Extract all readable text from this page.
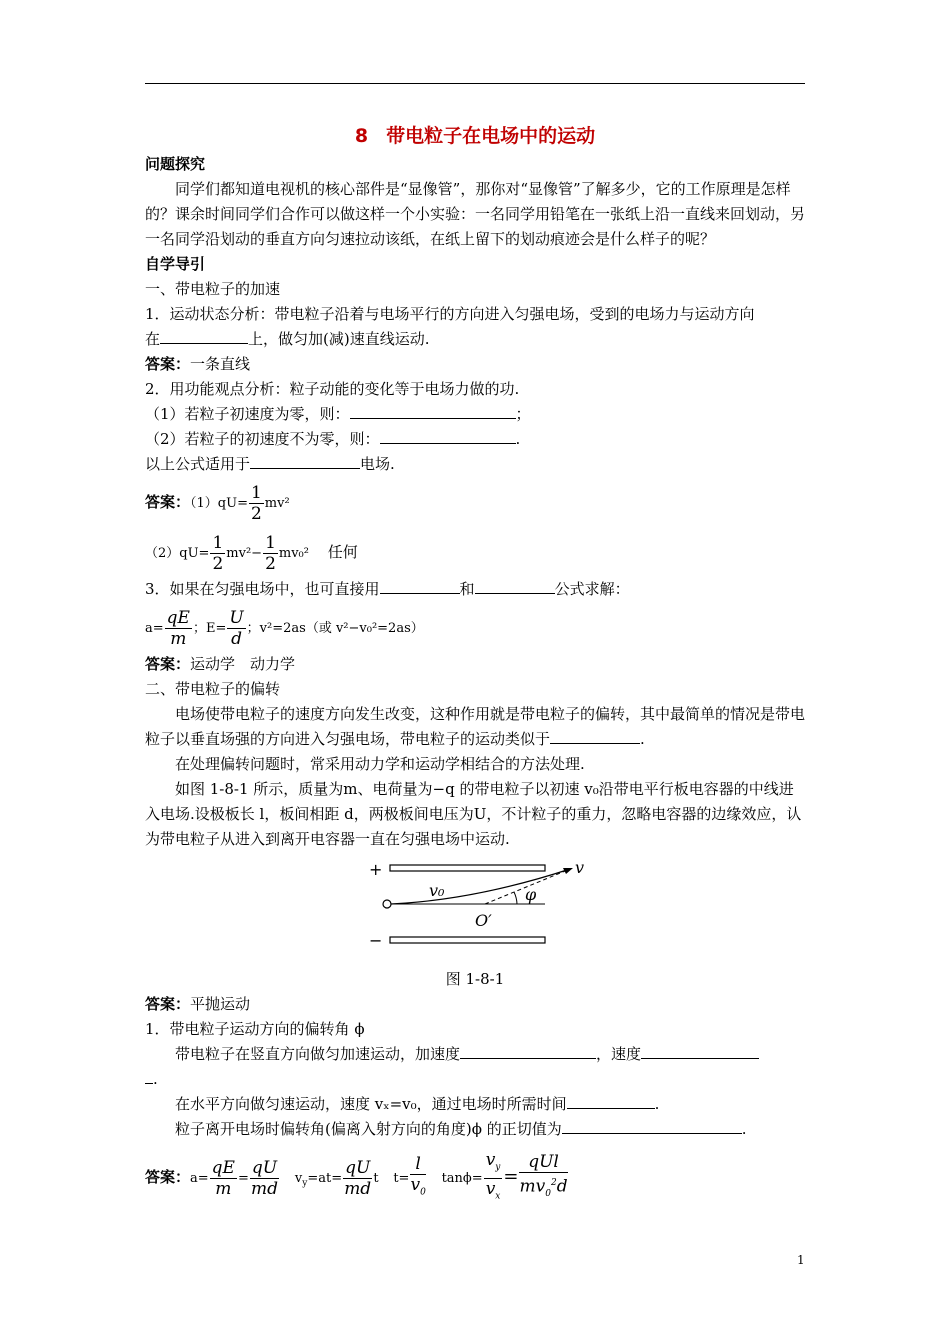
8 带电粒子在电场中的运动
问题探究
同学们都知道电视机的核心部件是“显像管”，那你对“显像管”了解多少，它的工作原理是怎样的？课余时间同学们合作可以做这样一个小实验：一名同学用铅笔在一张纸上沿一直线来回划动，另一名同学沿划动的垂直方向匀速拉动该纸，在纸上留下的划动痕迹会是什么样子的呢？
自学导引
一、带电粒子的加速
1．运动状态分析：带电粒子沿着与电场平行的方向进入匀强电场，受到的电场力与运动方向
在	上，做匀加(减)速直线运动.
答案：一条直线
2．用功能观点分析：粒子动能的变化等于电场力做的功.
（1）若粒子初速度为零，则：	；
（2）若粒子的初速度不为零，则：	.
以上公式适用于	电场.
答案：$(1)qU= \frac{1}{2} mv^2$
$(2)qU= \frac{1}{2} mv^2- \frac{1}{2} mv_0^2$ 任何
3．如果在匀强电场中，也可直接用	和	公式求解：
$a= \frac{qE}{m}$ ；$E= \frac{U}{d}$ ；v²=2as（或 v²−v₀²=2as）
答案：运动学　动力学
二、带电粒子的偏转
电场使带电粒子的速度方向发生改变，这种作用就是带电粒子的偏转，其中最简单的情况是带电粒子以垂直场强的方向进入匀强电场，带电粒子的运动类似于	.
在处理偏转问题时，常采用动力学和运动学相结合的方法处理.
如图 1-8-1 所示，质量为m、电荷量为−q 的带电粒子以初速 v₀沿带电平行板电容器的中线进入电场.设极板长 l，板间相距 d，两极板间电压为U，不计粒子的重力，忽略电容器的边缘效应，认为带电粒子从进入到离开电容器一直在匀强电场中运动.
+
−
v₀
v
φ
O′
图 1-8-1
答案：平抛运动
1．带电粒子运动方向的偏转角 ϕ
带电粒子在竖直方向做匀加速运动，加速度	，速度
.
在水平方向做匀速运动，速度 vₓ=v₀，通过电场时所需时间	.
粒子离开电场时偏转角(偏离入射方向的角度)ϕ 的正切值为	.
答案：$a= \frac{qE}{m} = \frac{qU}{md} v_y=at= \frac{qU}{md}$ t $t= \frac{l}{v_0} \tan\phi= \frac{v_y}{v_x} = \frac{\text{qUl}}{mv_0^2d}$
1
